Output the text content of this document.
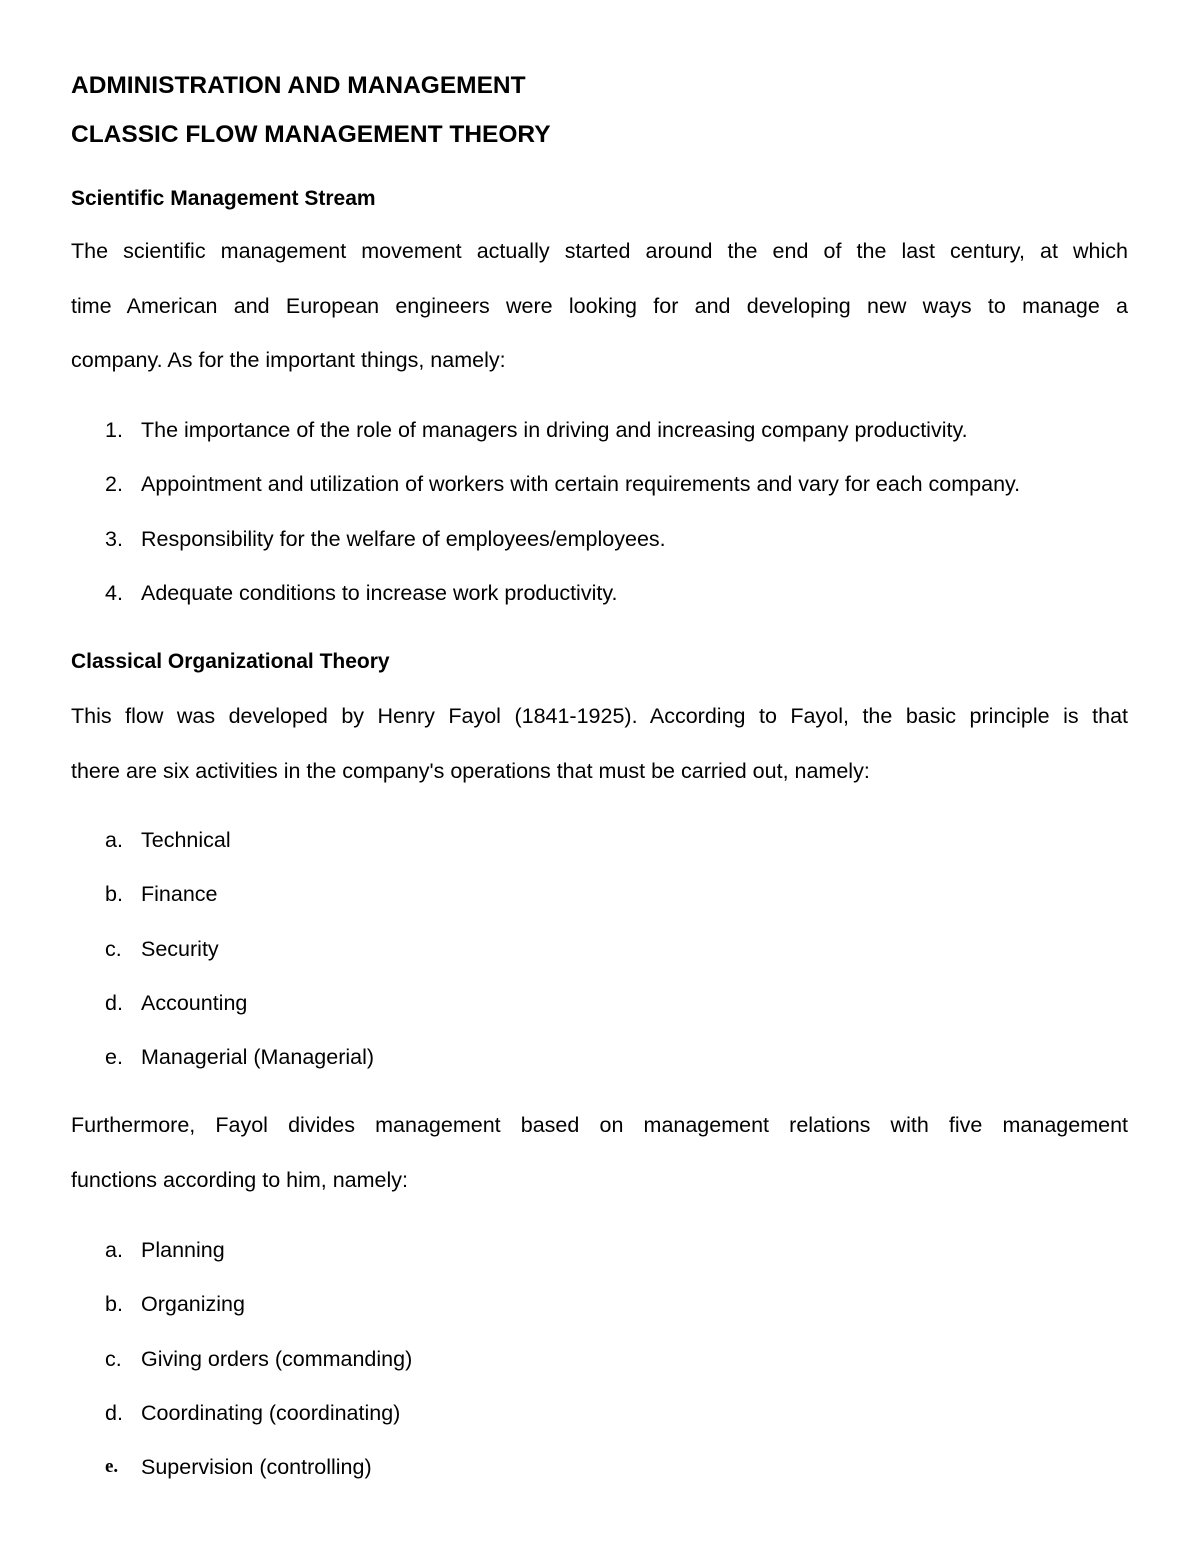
ADMINISTRATION AND MANAGEMENT
CLASSIC FLOW MANAGEMENT THEORY
Scientific Management Stream

The scientific management movement actually started around the end of the last century, at which
time American and European engineers were looking for and developing new ways to manage a
company. As for the important things, namely:

1. The importance of the role of managers in driving and increasing company productivity.
2. Appointment and utilization of workers with certain requirements and vary for each company.
3. Responsibility for the welfare of employees/employees.
4. Adequate conditions to increase work productivity.
Classical Organizational Theory

This flow was developed by Henry Fayol (1841-1925). According to Fayol, the basic principle is that
there are six activities in the company's operations that must be carried out, namely:

a. Technical
b. Finance
c. Security
d. Accounting
e. Managerial (Managerial)

Furthermore, Fayol divides management based on management relations with five management
functions according to him, namely:

a. Planning
b. Organizing
c. Giving orders (commanding)
d. Coordinating (coordinating)
e.	Supervision (controlling)
